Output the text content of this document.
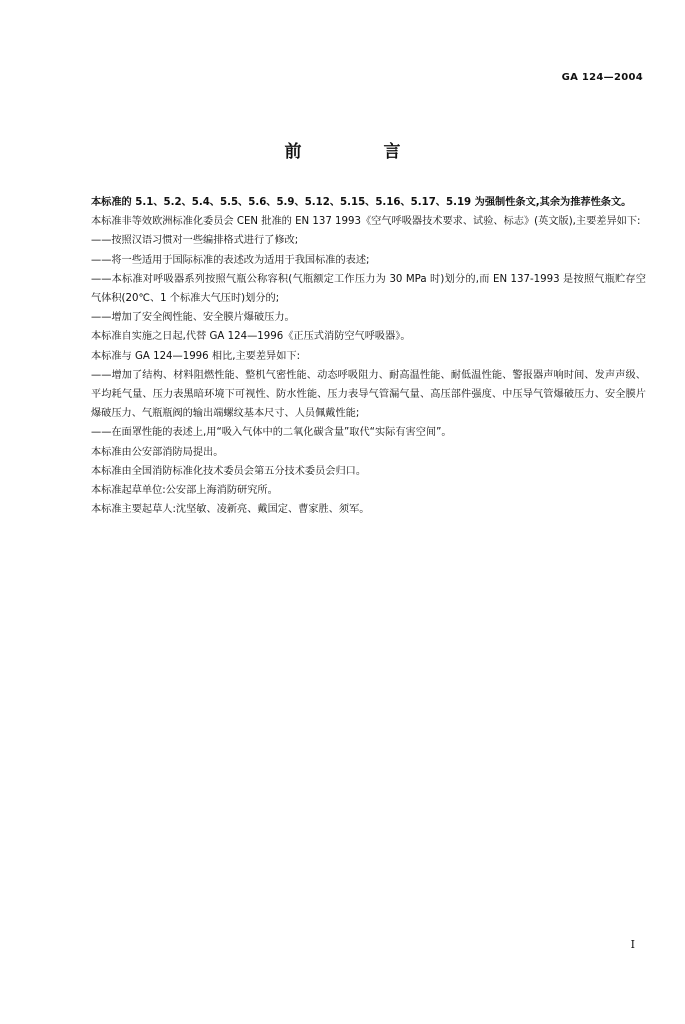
GA 124—2004
前 言

本标准的 5.1、5.2、5.4、5.5、5.6、5.9、5.12、5.15、5.16、5.17、5.19 为强制性条文,其余为推荐性条文。

本标准非等效欧洲标准化委员会 CEN 批准的 EN 137 1993《空气呼吸器技术要求、试验、标志》(英文版),主要差异如下:

——按照汉语习惯对一些编排格式进行了修改;

——将一些适用于国际标准的表述改为适用于我国标准的表述;

——本标准对呼吸器系列按照气瓶公称容积(气瓶额定工作压力为 30 MPa 时)划分的,而 EN 137-1993 是按照气瓶贮存空气体积(20℃、1 个标准大气压时)划分的;

——增加了安全阀性能、安全膜片爆破压力。

本标准自实施之日起,代替 GA 124—1996《正压式消防空气呼吸器》。

本标准与 GA 124—1996 相比,主要差异如下:

——增加了结构、材料阻燃性能、整机气密性能、动态呼吸阻力、耐高温性能、耐低温性能、警报器声响时间、发声声级、平均耗气量、压力表黑暗环境下可视性、防水性能、压力表导气管漏气量、高压部件强度、中压导气管爆破压力、安全膜片爆破压力、气瓶瓶阀的输出端螺纹基本尺寸、人员佩戴性能;

——在面罩性能的表述上,用“吸入气体中的二氧化碳含量”取代“实际有害空间”。

本标准由公安部消防局提出。

本标准由全国消防标准化技术委员会第五分技术委员会归口。

本标准起草单位:公安部上海消防研究所。

本标准主要起草人:沈坚敏、凌新亮、戴国定、曹家胜、须军。

I
